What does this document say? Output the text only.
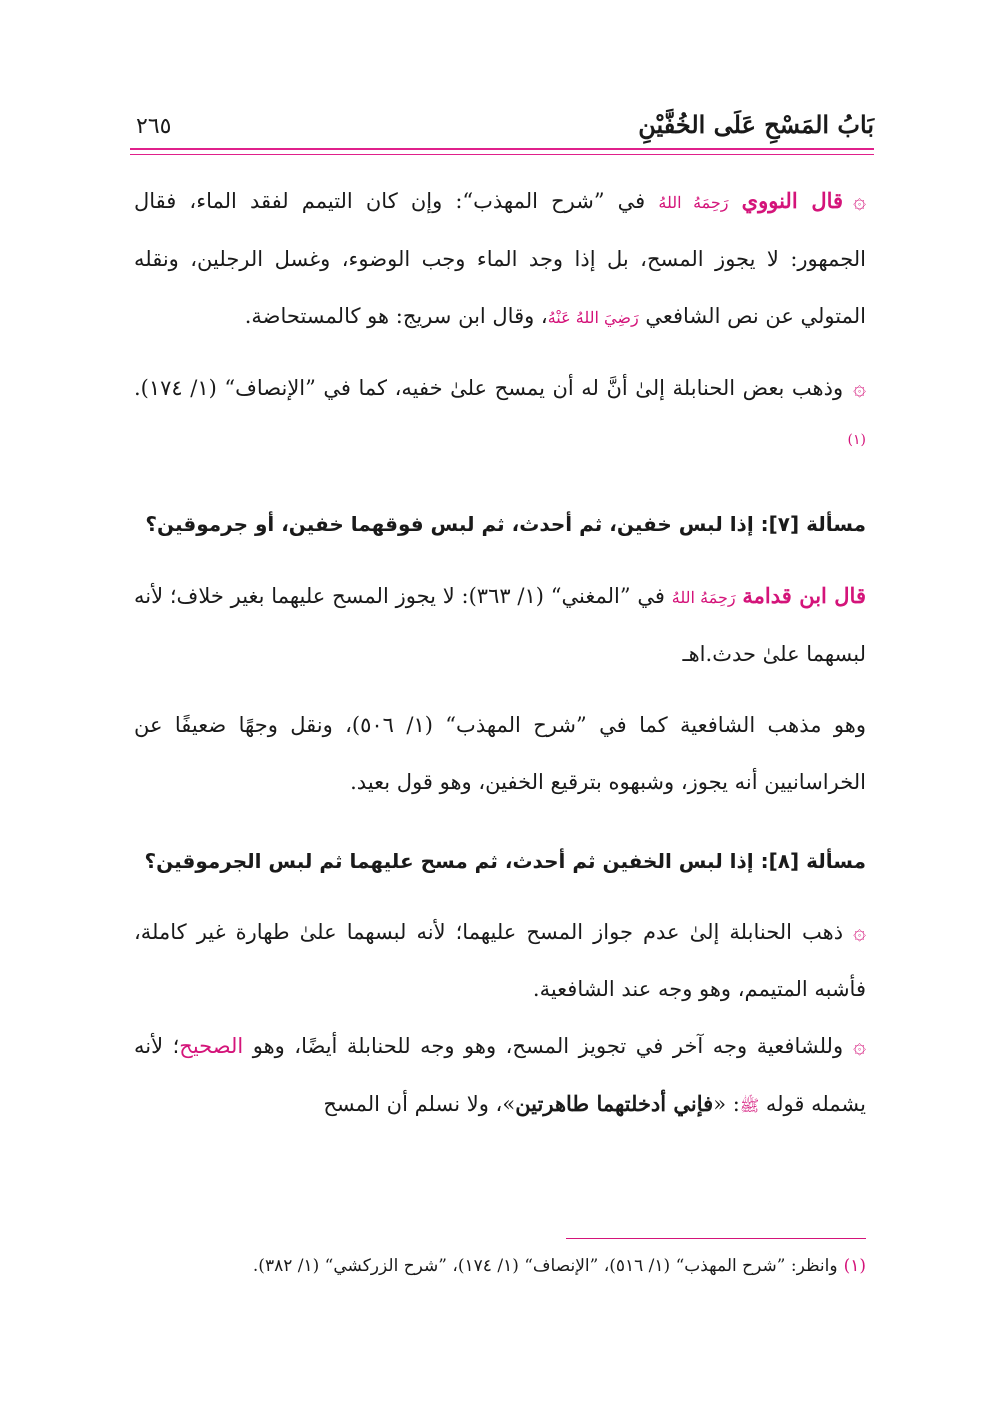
بَابُ المَسْحِ عَلَى الخُفَّيْنِ
٢٦٥

۞قال النووي رَحِمَهُ اللهُ في ”شرح المهذب“: وإن كان التيمم لفقد الماء، فقال الجمهور: لا يجوز المسح، بل إذا وجد الماء وجب الوضوء، وغسل الرجلين، ونقله المتولي عن نص الشافعي رَضِيَ اللهُ عَنْهُ، وقال ابن سريج: هو كالمستحاضة.

۞وذهب بعض الحنابلة إلىٰ أنَّ له أن يمسح علىٰ خفيه، كما في ”الإنصاف“ (١/ ١٧٤).$^{(١)}$

مسألة [٧]: إذا لبس خفين، ثم أحدث، ثم لبس فوقهما خفين، أو جرموقين؟

قال ابن قدامة رَحِمَهُ اللهُ في ”المغني“ (١/ ٣٦٣): لا يجوز المسح عليهما بغير خلاف؛ لأنه لبسهما علىٰ حدث.اهـ

وهو مذهب الشافعية كما في ”شرح المهذب“ (١/ ٥٠٦)، ونقل وجهًا ضعيفًا عن الخراسانيين أنه يجوز، وشبهوه بترقيع الخفين، وهو قول بعيد.

مسألة [٨]: إذا لبس الخفين ثم أحدث، ثم مسح عليهما ثم لبس الجرموقين؟

۞ذهب الحنابلة إلىٰ عدم جواز المسح عليهما؛ لأنه لبسهما علىٰ طهارة غير كاملة، فأشبه المتيمم، وهو وجه عند الشافعية.

۞وللشافعية وجه آخر في تجويز المسح، وهو وجه للحنابلة أيضًا، وهو الصحيح؛ لأنه يشمله قوله ﷺ: «فإني أدخلتهما طاهرتين»، ولا نسلم أن المسح

(١)وانظر: ”شرح المهذب“ (١/ ٥١٦)، ”الإنصاف“ (١/ ١٧٤)، ”شرح الزركشي“ (١/ ٣٨٢).
